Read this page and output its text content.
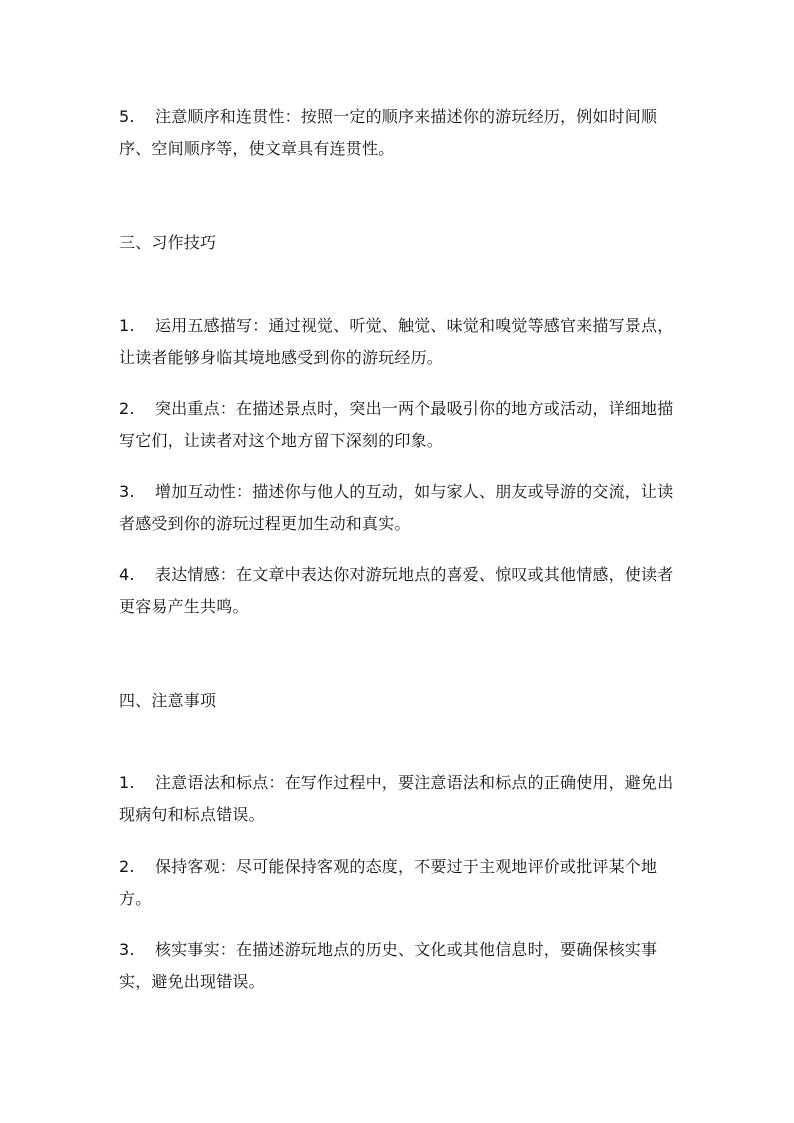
5. 注意顺序和连贯性：按照一定的顺序来描述你的游玩经历，例如时间顺序、空间顺序等，使文章具有连贯性。
三、习作技巧
1. 运用五感描写：通过视觉、听觉、触觉、味觉和嗅觉等感官来描写景点，让读者能够身临其境地感受到你的游玩经历。
2. 突出重点：在描述景点时，突出一两个最吸引你的地方或活动，详细地描写它们，让读者对这个地方留下深刻的印象。
3. 增加互动性：描述你与他人的互动，如与家人、朋友或导游的交流，让读者感受到你的游玩过程更加生动和真实。
4. 表达情感：在文章中表达你对游玩地点的喜爱、惊叹或其他情感，使读者更容易产生共鸣。
四、注意事项
1. 注意语法和标点：在写作过程中，要注意语法和标点的正确使用，避免出现病句和标点错误。
2. 保持客观：尽可能保持客观的态度，不要过于主观地评价或批评某个地方。
3. 核实事实：在描述游玩地点的历史、文化或其他信息时，要确保核实事实，避免出现错误。
